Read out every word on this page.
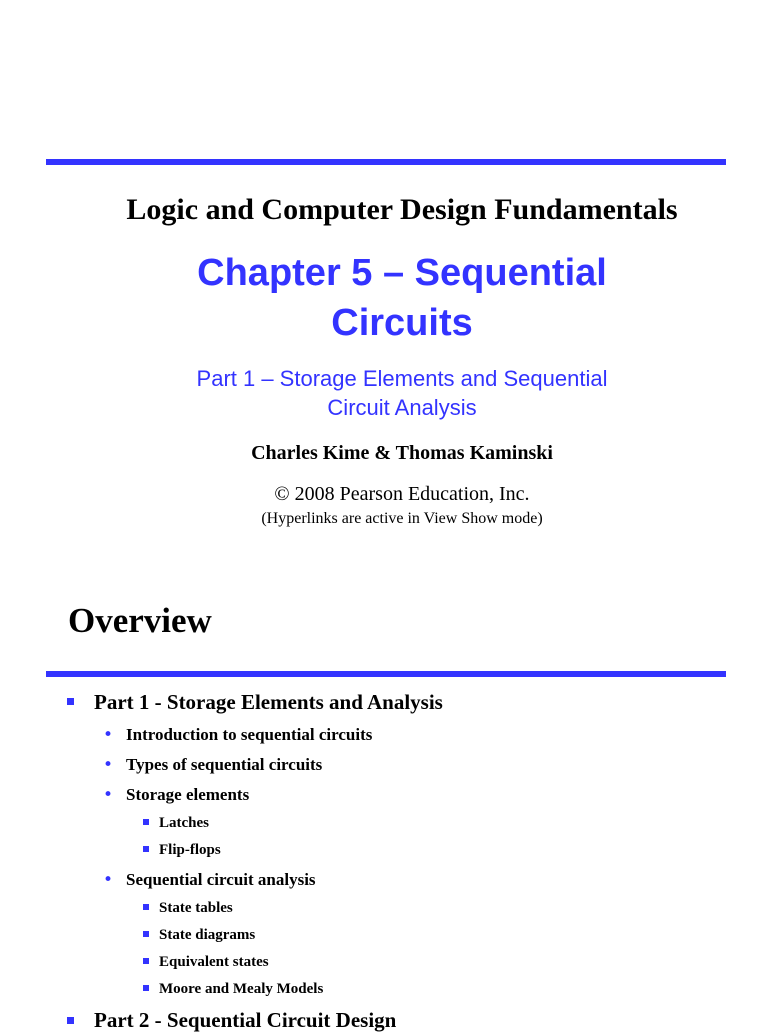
Logic and Computer Design Fundamentals
Chapter 5 – Sequential
Circuits
Part 1 – Storage Elements and Sequential
Circuit Analysis
Charles Kime & Thomas Kaminski
© 2008 Pearson Education, Inc.
(Hyperlinks are active in View Show mode)
Overview
Part 1 - Storage Elements and Analysis
• Introduction to sequential circuits
• Types of sequential circuits
• Storage elements
Latches
Flip-flops
• Sequential circuit analysis
State tables
State diagrams
Equivalent states
Moore and Mealy Models
Part 2 - Sequential Circuit Design
